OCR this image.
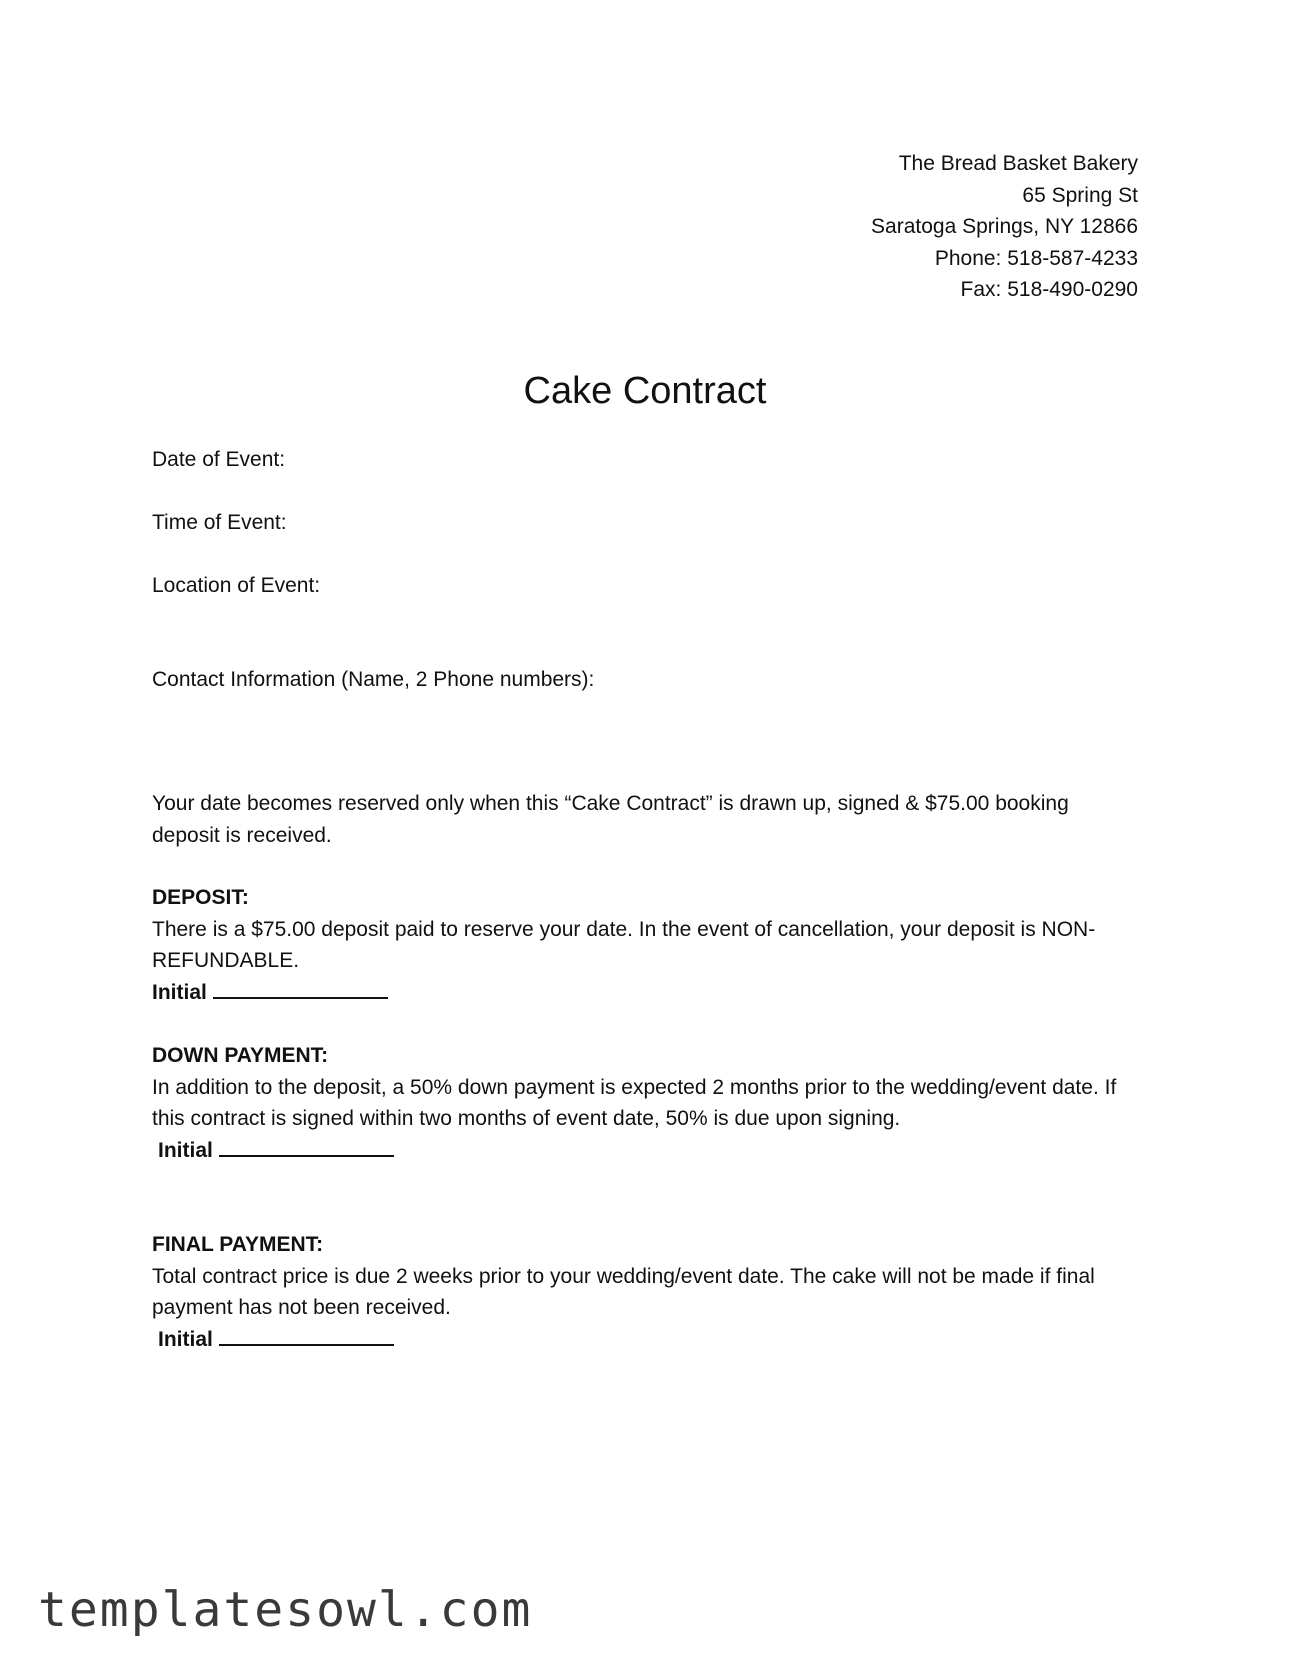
The Bread Basket Bakery
65 Spring St
Saratoga Springs, NY 12866
Phone: 518-587-4233
Fax: 518-490-0290
Cake Contract
Date of Event:
Time of Event:
Location of Event:
Contact Information (Name, 2 Phone numbers):
Your date becomes reserved only when this “Cake Contract” is drawn up, signed & $75.00 booking deposit is received.
DEPOSIT:
There is a $75.00 deposit paid to reserve your date. In the event of cancellation, your deposit is NON-REFUNDABLE.
Initial
DOWN PAYMENT:
In addition to the deposit, a 50% down payment is expected 2 months prior to the wedding/event date. If this contract is signed within two months of event date, 50% is due upon signing.
Initial
FINAL PAYMENT:
Total contract price is due 2 weeks prior to your wedding/event date. The cake will not be made if final payment has not been received.
Initial
templatesowl.com
